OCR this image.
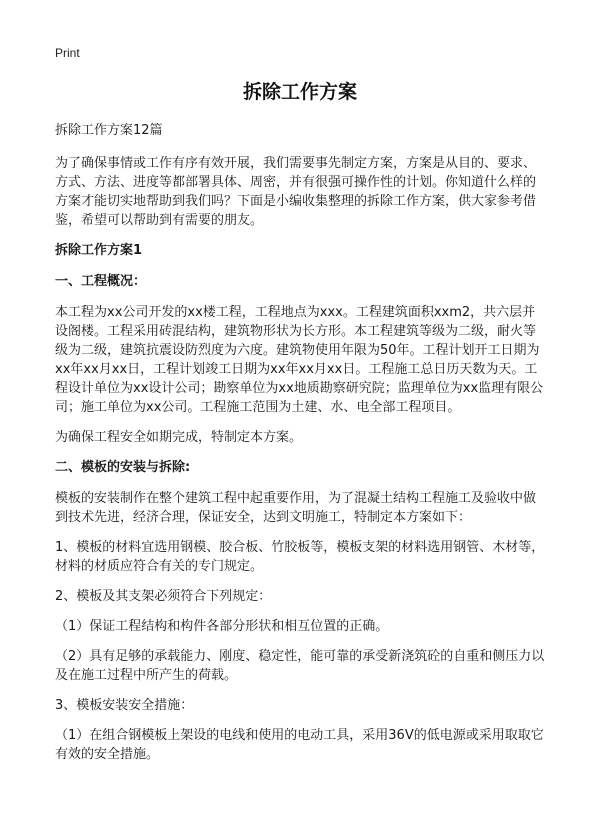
Print
拆除工作方案

拆除工作方案12篇

为了确保事情或工作有序有效开展，我们需要事先制定方案，方案是从目的、要求、方式、方法、进度等都部署具体、周密，并有很强可操作性的计划。你知道什么样的方案才能切实地帮助到我们吗？下面是小编收集整理的拆除工作方案，供大家参考借鉴，希望可以帮助到有需要的朋友。

拆除工作方案1

一、工程概况：

本工程为xx公司开发的xx楼工程，工程地点为xxx。工程建筑面积xxm2，共六层并设阁楼。工程采用砖混结构，建筑物形状为长方形。本工程建筑等级为二级，耐火等级为二级，建筑抗震设防烈度为六度。建筑物使用年限为50年。工程计划开工日期为xx年xx月xx日，工程计划竣工日期为xx年xx月xx日。工程施工总日历天数为天。工程设计单位为xx设计公司；勘察单位为xx地质勘察研究院；监理单位为xx监理有限公司；施工单位为xx公司。工程施工范围为土建、水、电全部工程项目。

为确保工程安全如期完成，特制定本方案。

二、模板的安装与拆除:

模板的安装制作在整个建筑工程中起重要作用，为了混凝土结构工程施工及验收中做到技术先进，经济合理，保证安全，达到文明施工，特制定本方案如下：

1、模板的材料宜选用钢模、胶合板、竹胶板等，模板支架的材料选用钢管、木材等，材料的材质应符合有关的专门规定。

2、模板及其支架必须符合下列规定：

（1）保证工程结构和构件各部分形状和相互位置的正确。

（2）具有足够的承载能力、刚度、稳定性，能可靠的承受新浇筑砼的自重和侧压力以及在施工过程中所产生的荷载。

3、模板安装安全措施：

（1）在组合钢模板上架设的电线和使用的电动工具，采用36V的低电源或采用取取它有效的安全措施。
